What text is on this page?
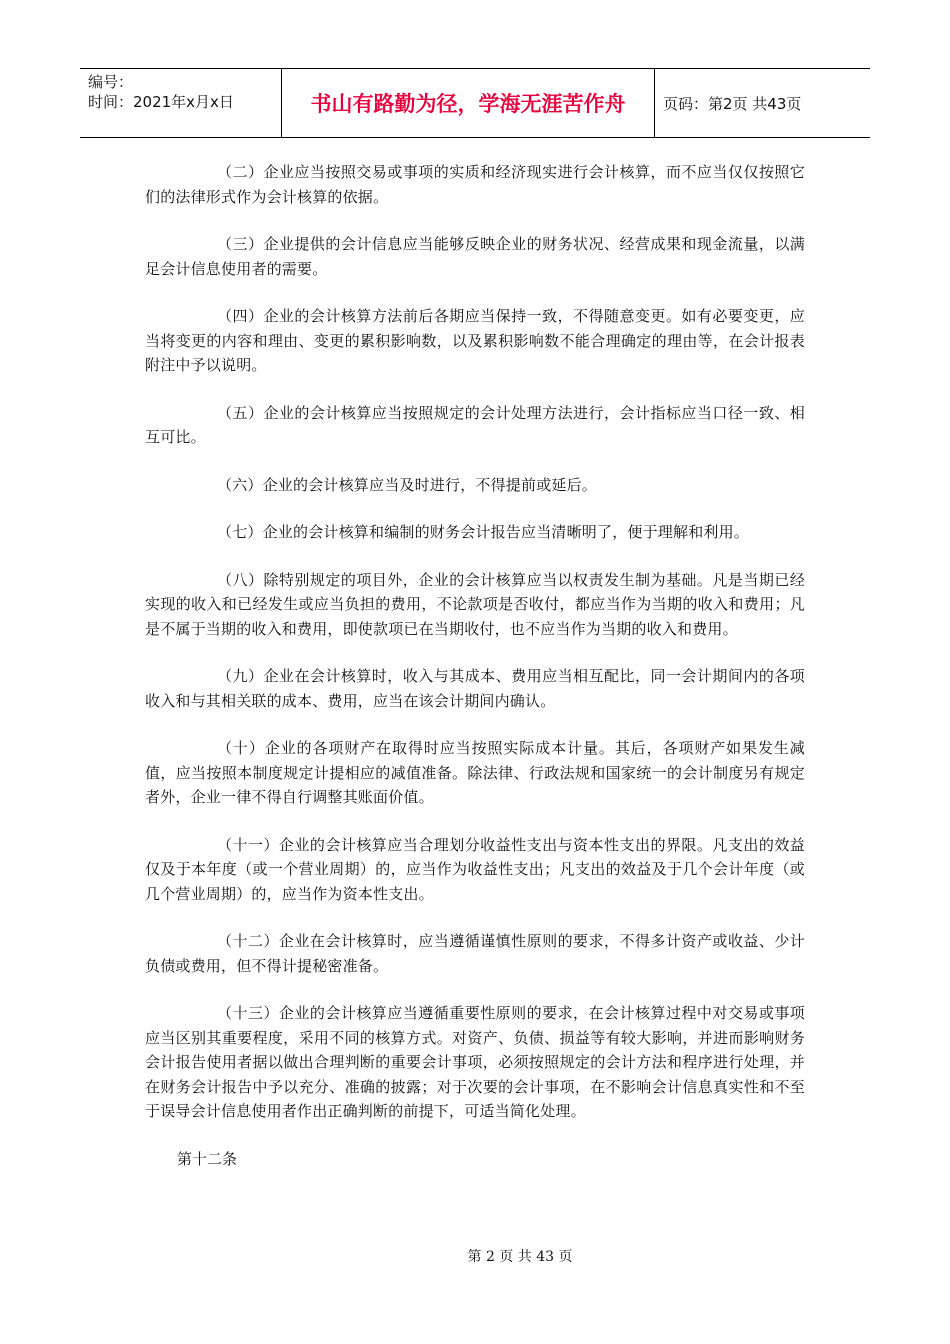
编号：
时间：2021年x月x日	书山有路勤为径，学海无涯苦作舟	页码：第2页 共43页

（二）企业应当按照交易或事项的实质和经济现实进行会计核算，而不应当仅仅按照它们的法律形式作为会计核算的依据。

（三）企业提供的会计信息应当能够反映企业的财务状况、经营成果和现金流量，以满足会计信息使用者的需要。

（四）企业的会计核算方法前后各期应当保持一致，不得随意变更。如有必要变更，应当将变更的内容和理由、变更的累积影响数，以及累积影响数不能合理确定的理由等，在会计报表附注中予以说明。

（五）企业的会计核算应当按照规定的会计处理方法进行，会计指标应当口径一致、相互可比。

（六）企业的会计核算应当及时进行，不得提前或延后。

（七）企业的会计核算和编制的财务会计报告应当清晰明了，便于理解和利用。

（八）除特别规定的项目外，企业的会计核算应当以权责发生制为基础。凡是当期已经实现的收入和已经发生或应当负担的费用，不论款项是否收付，都应当作为当期的收入和费用；凡是不属于当期的收入和费用，即使款项已在当期收付，也不应当作为当期的收入和费用。

（九）企业在会计核算时，收入与其成本、费用应当相互配比，同一会计期间内的各项收入和与其相关联的成本、费用，应当在该会计期间内确认。

（十）企业的各项财产在取得时应当按照实际成本计量。其后，各项财产如果发生减值，应当按照本制度规定计提相应的减值准备。除法律、行政法规和国家统一的会计制度另有规定者外，企业一律不得自行调整其账面价值。

（十一）企业的会计核算应当合理划分收益性支出与资本性支出的界限。凡支出的效益仅及于本年度（或一个营业周期）的，应当作为收益性支出；凡支出的效益及于几个会计年度（或几个营业周期）的，应当作为资本性支出。

（十二）企业在会计核算时，应当遵循谨慎性原则的要求，不得多计资产或收益、少计负债或费用，但不得计提秘密准备。

（十三）企业的会计核算应当遵循重要性原则的要求，在会计核算过程中对交易或事项应当区别其重要程度，采用不同的核算方式。对资产、负债、损益等有较大影响，并进而影响财务会计报告使用者据以做出合理判断的重要会计事项，必须按照规定的会计方法和程序进行处理，并在财务会计报告中予以充分、准确的披露；对于次要的会计事项，在不影响会计信息真实性和不至于误导会计信息使用者作出正确判断的前提下，可适当简化处理。

第十二条

第 2 页 共 43 页
